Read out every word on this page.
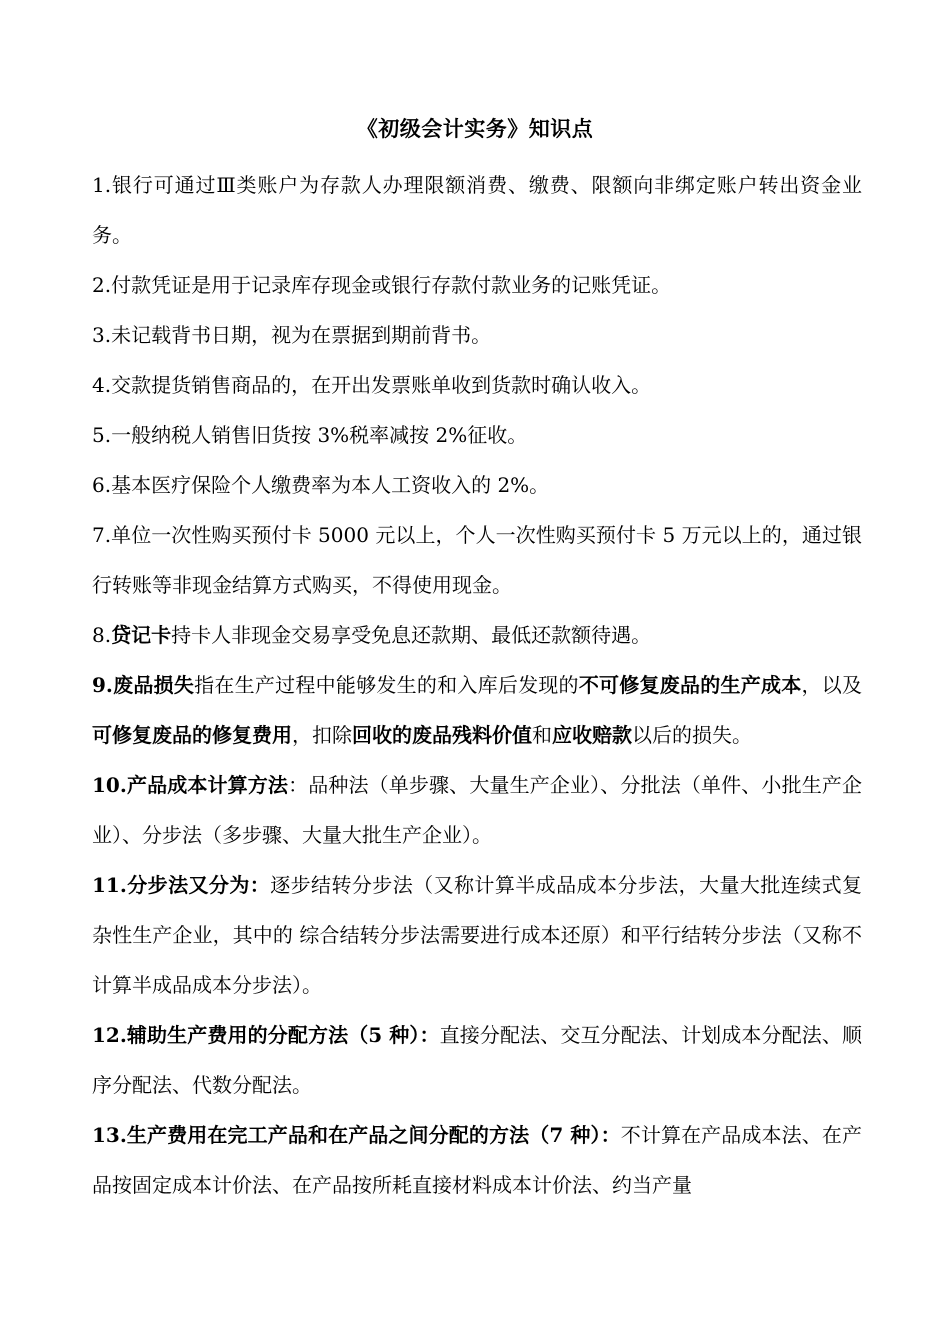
《初级会计实务》知识点

1.银行可通过Ⅲ类账户为存款人办理限额消费、缴费、限额向非绑定账户转出资金业务。

2.付款凭证是用于记录库存现金或银行存款付款业务的记账凭证。

3.未记载背书日期，视为在票据到期前背书。

4.交款提货销售商品的，在开出发票账单收到货款时确认收入。

5.一般纳税人销售旧货按 3%税率减按 2%征收。

6.基本医疗保险个人缴费率为本人工资收入的 2%。

7.单位一次性购买预付卡 5000 元以上，个人一次性购买预付卡 5 万元以上的，通过银行转账等非现金结算方式购买，不得使用现金。

8.贷记卡持卡人非现金交易享受免息还款期、最低还款额待遇。

9.废品损失指在生产过程中能够发生的和入库后发现的不可修复废品的生产成本，以及可修复废品的修复费用，扣除回收的废品残料价值和应收赔款以后的损失。

10.产品成本计算方法：品种法（单步骤、大量生产企业）、分批法（单件、小批生产企业）、分步法（多步骤、大量大批生产企业）。

11.分步法又分为：逐步结转分步法（又称计算半成品成本分步法，大量大批连续式复杂性生产企业，其中的 综合结转分步法需要进行成本还原）和平行结转分步法（又称不计算半成品成本分步法）。

12.辅助生产费用的分配方法（5 种）：直接分配法、交互分配法、计划成本分配法、顺序分配法、代数分配法。

13.生产费用在完工产品和在产品之间分配的方法（7 种）：不计算在产品成本法、在产品按固定成本计价法、在产品按所耗直接材料成本计价法、约当产量
